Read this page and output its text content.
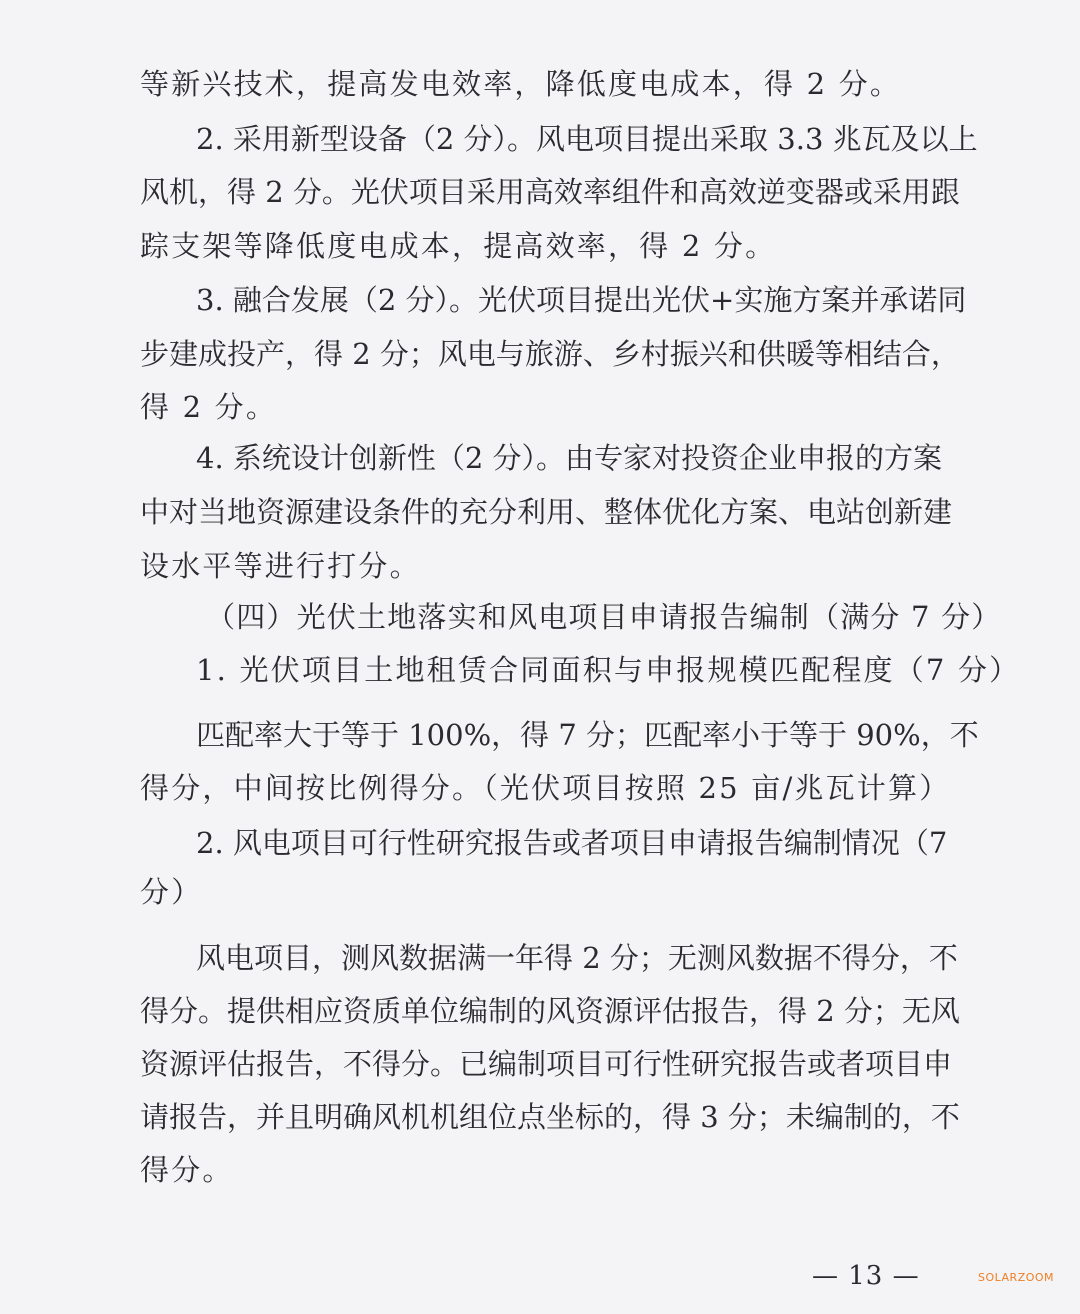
等新兴技术，提高发电效率，降低度电成本，得 2 分。
2. 采用新型设备（2 分）。风电项目提出采取 3.3 兆瓦及以上
风机，得 2 分。光伏项目采用高效率组件和高效逆变器或采用跟
踪支架等降低度电成本，提高效率，得 2 分。
3. 融合发展（2 分）。光伏项目提出光伏+实施方案并承诺同
步建成投产，得 2 分；风电与旅游、乡村振兴和供暖等相结合，
得 2 分。
4. 系统设计创新性（2 分）。由专家对投资企业申报的方案
中对当地资源建设条件的充分利用、整体优化方案、电站创新建
设水平等进行打分。
（四）光伏土地落实和风电项目申请报告编制（满分 7 分）
1. 光伏项目土地租赁合同面积与申报规模匹配程度（7 分）
匹配率大于等于 100%，得 7 分；匹配率小于等于 90%，不
得分，中间按比例得分。（光伏项目按照 25 亩/兆瓦计算）
2. 风电项目可行性研究报告或者项目申请报告编制情况（7
分）
风电项目，测风数据满一年得 2 分；无测风数据不得分，不
得分。提供相应资质单位编制的风资源评估报告，得 2 分；无风
资源评估报告，不得分。已编制项目可行性研究报告或者项目申
请报告，并且明确风机机组位点坐标的，得 3 分；未编制的，不
得分。
— 13 —	SOLARZOOM
